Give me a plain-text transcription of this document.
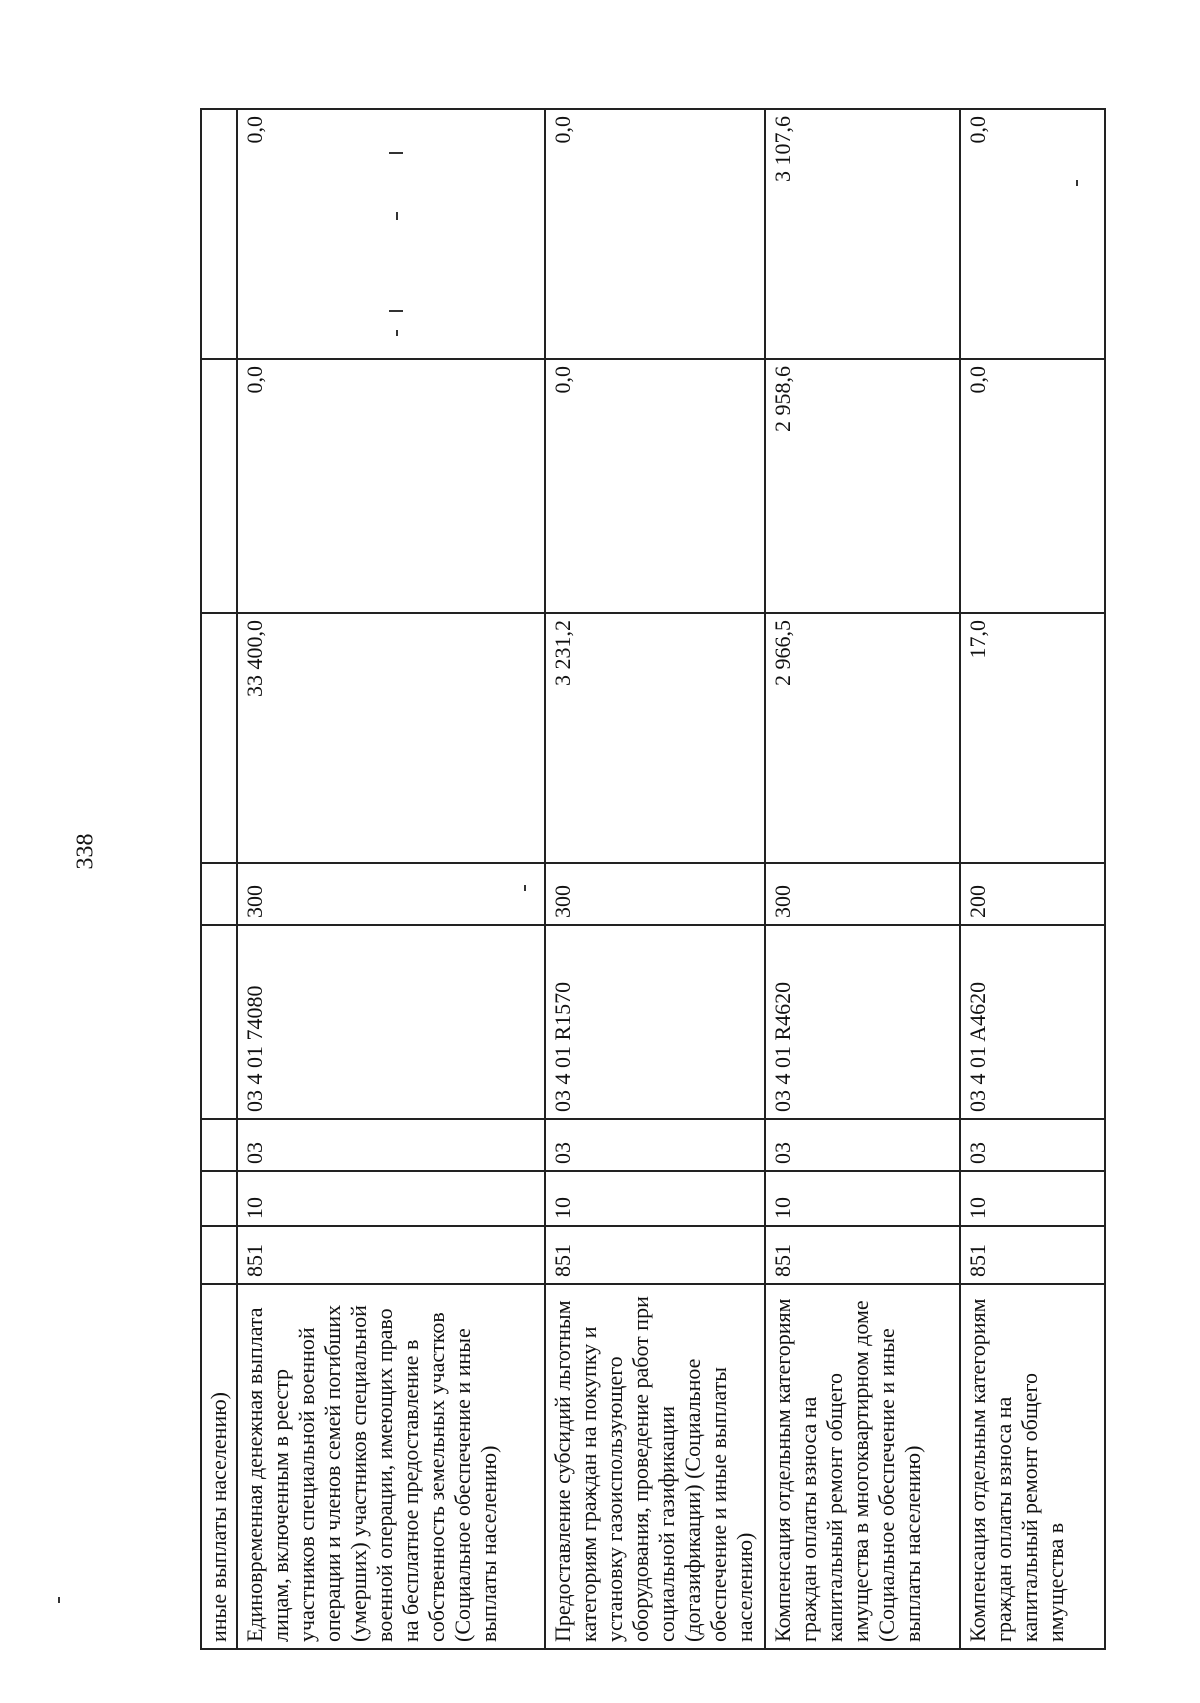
338
иные выплаты населению)								
Единовременная денежная выплата лицам, включенным в реестр участников специальной военной операции и членов семей погибших (умерших) участников специальной военной операции, имеющих право на бесплатное предоставление в собственность земельных участков (Социальное обеспечение и иные выплаты населению)	851	10	03	03 4 01 74080	300	33 400,0	0,0	0,0
Предоставление субсидий льготным категориям граждан на покупку и установку газоиспользующего оборудования, проведение работ при социальной газификации (догазификации) (Социальное обеспечение и иные выплаты населению)	851	10	03	03 4 01 R1570	300	3 231,2	0,0	0,0
Компенсация отдельным категориям граждан оплаты взноса на капитальный ремонт общего имущества в многоквартирном доме (Социальное обеспечение и иные выплаты населению)	851	10	03	03 4 01 R4620	300	2 966,5	2 958,6	3 107,6
Компенсация отдельным категориям граждан оплаты взноса на капитальный ремонт общего имущества в	851	10	03	03 4 01 A4620	200	17,0	0,0	0,0
